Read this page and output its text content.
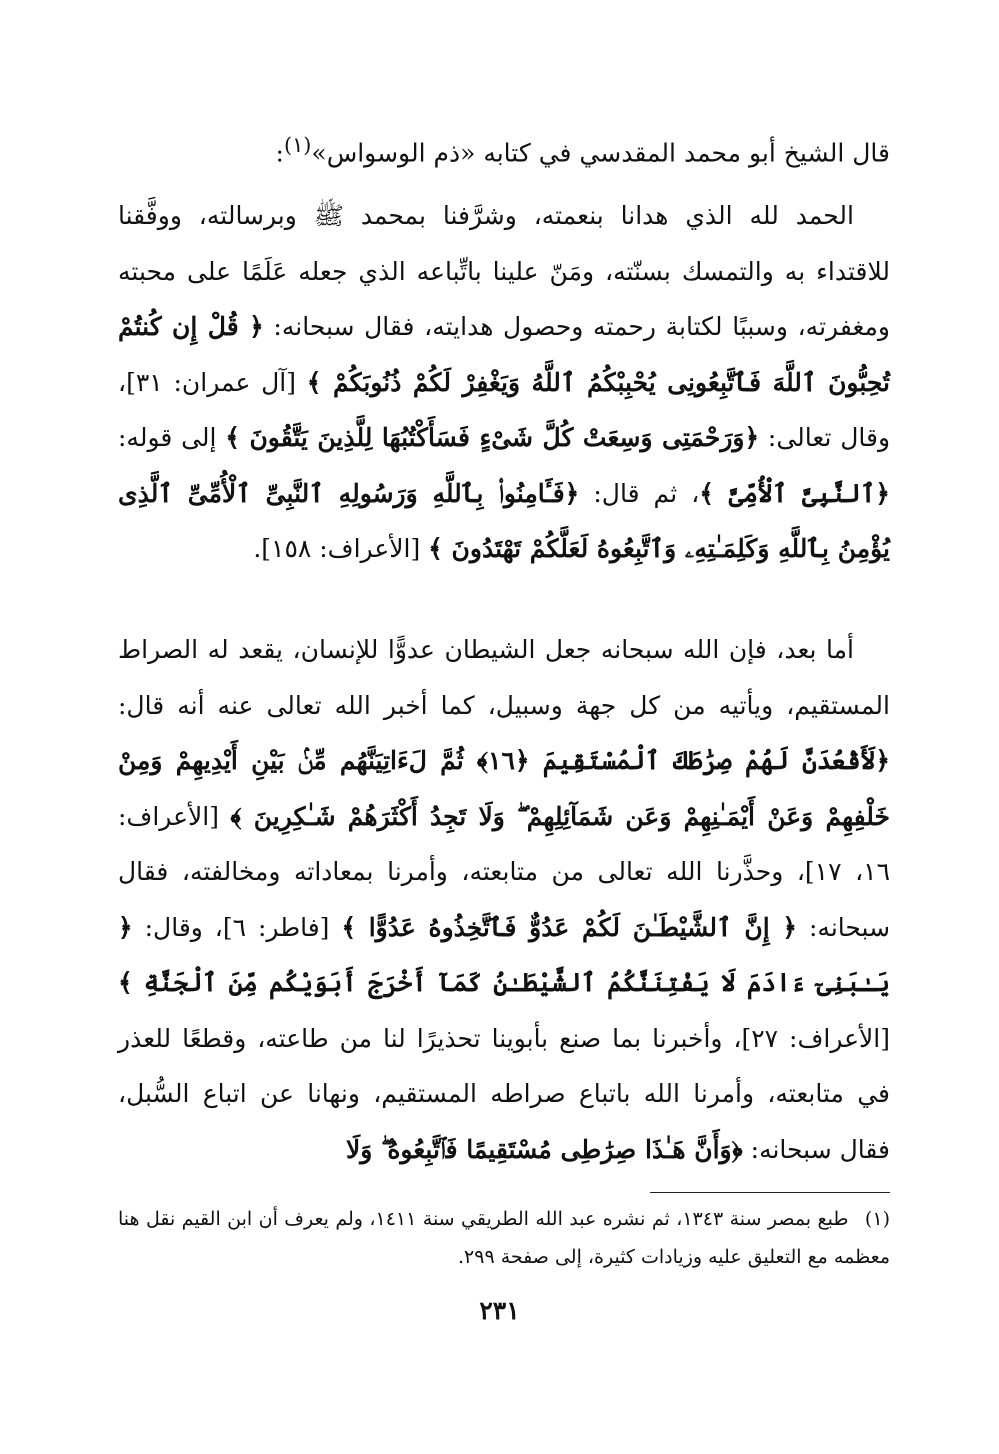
قال الشيخ أبو محمد المقدسي في كتابه «ذم الوسواس»$^{(١)}$:

الحمد لله الذي هدانا بنعمته، وشرَّفنا بمحمد ﷺ وبرسالته، ووفَّقنا للاقتداء به والتمسك بسنّته، ومَنّ علينا باتِّباعه الذي جعله عَلَمًا على محبته ومغفرته، وسببًا لكتابة رحمته وحصول هدايته، فقال سبحانه: ﴿ قُلْ إِن كُنتُمْ تُحِبُّونَ ٱللَّهَ فَٱتَّبِعُونِى يُحْبِبْكُمُ ٱللَّهُ وَيَغْفِرْ لَكُمْ ذُنُوبَكُمْ ﴾ [آل عمران: ٣١]، وقال تعالى: ﴿وَرَحْمَتِى وَسِعَتْ كُلَّ شَىْءٍ فَسَأَكْتُبُهَا لِلَّذِينَ يَتَّقُونَ ﴾ إلى قوله: ﴿ٱلنَّبِىَّ ٱلْأُمِّىَّ ﴾، ثم قال: ﴿فَـَٔامِنُوا۟ بِٱللَّهِ وَرَسُولِهِ ٱلنَّبِىِّ ٱلْأُمِّىِّ ٱلَّذِى يُؤْمِنُ بِٱللَّهِ وَكَلِمَـٰتِهِۦ وَٱتَّبِعُوهُ لَعَلَّكُمْ تَهْتَدُونَ ﴾ [الأعراف: ١٥٨].

أما بعد، فإن الله سبحانه جعل الشيطان عدوًّا للإنسان، يقعد له الصراط المستقيم، ويأتيه من كل جهة وسبيل، كما أخبر الله تعالى عنه أنه قال: ﴿لَأَقْعُدَنَّ لَهُمْ صِرَٰطَكَ ٱلْمُسْتَقِيمَ ﴿١٦﴾ ثُمَّ لَءَاتِيَنَّهُم مِّنۢ بَيْنِ أَيْدِيهِمْ وَمِنْ خَلْفِهِمْ وَعَنْ أَيْمَـٰنِهِمْ وَعَن شَمَآئِلِهِمْ ۖ وَلَا تَجِدُ أَكْثَرَهُمْ شَـٰكِرِينَ ﴾ [الأعراف: ١٦، ١٧]، وحذَّرنا الله تعالى من متابعته، وأمرنا بمعاداته ومخالفته، فقال سبحانه: ﴿ إِنَّ ٱلشَّيْطَـٰنَ لَكُمْ عَدُوٌّ فَٱتَّخِذُوهُ عَدُوًّا ﴾ [فاطر: ٦]، وقال: ﴿ يَـٰبَنِىٓ ءَادَمَ لَا يَفْتِنَنَّكُمُ ٱلشَّيْطَـٰنُ كَمَآ أَخْرَجَ أَبَوَيْكُم مِّنَ ٱلْجَنَّةِ ﴾ [الأعراف: ٢٧]، وأخبرنا بما صنع بأبوينا تحذيرًا لنا من طاعته، وقطعًا للعذر في متابعته، وأمرنا الله باتباع صراطه المستقيم، ونهانا عن اتباع السُّبل، فقال سبحانه: ﴿وَأَنَّ هَـٰذَا صِرَٰطِى مُسْتَقِيمًا فَٱتَّبِعُوهُ ۖ وَلَا

(١) طبع بمصر سنة ١٣٤٣، ثم نشره عبد الله الطريقي سنة ١٤١١، ولم يعرف أن ابن القيم نقل هنا معظمه مع التعليق عليه وزيادات كثيرة، إلى صفحة ٢٩٩.

٢٣١
